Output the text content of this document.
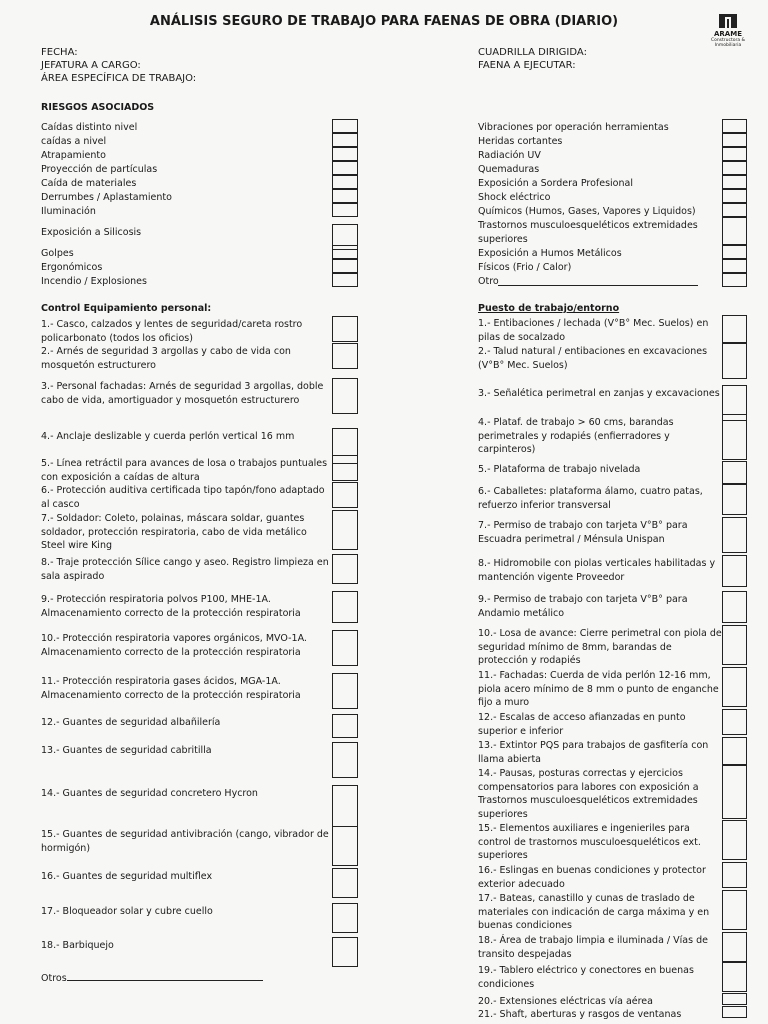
ANÁLISIS SEGURO DE TRABAJO PARA FAENAS DE OBRA (DIARIO)
ARAME
Constructora & Inmobiliaria
FECHA:
JEFATURA A CARGO:
ÁREA ESPECÍFICA DE TRABAJO:
CUADRILLA DIRIGIDA:
FAENA A EJECUTAR:
RIESGOS ASOCIADOS
Control Equipamiento personal:	Puesto de trabajo/entorno
Caídas distinto nivel
caídas a nivel
Atrapamiento
Proyección de partículas
Caída de materiales
Derrumbes / Aplastamiento
Iluminación
Exposición a Silicosis
Golpes
Ergonómicos
Incendio / Explosiones
Vibraciones por operación herramientas
Heridas cortantes
Radiación UV
Quemaduras
Exposición a Sordera Profesional
Shock eléctrico
Químicos (Humos, Gases, Vapores y Liquidos)
Trastornos musculoesqueléticos extremidades
superiores
Exposición a Humos Metálicos
Físicos (Frio / Calor)
Otro
1.- Casco, calzados y lentes de seguridad/careta rostro
policarbonato (todos los oficios)
2.- Arnés de seguridad 3 argollas y cabo de vida con
mosquetón estructurero
3.- Personal fachadas: Arnés de seguridad 3 argollas, doble
cabo de vida, amortiguador y mosquetón estructurero
4.- Anclaje deslizable y cuerda perlón vertical 16 mm
5.- Línea retráctil para avances de losa o trabajos puntuales
con exposición a caídas de altura
6.- Protección auditiva certificada tipo tapón/fono adaptado
al casco
7.- Soldador: Coleto, polainas, máscara soldar, guantes
soldador, protección respiratoria, cabo de vida metálico
Steel wire King
8.- Traje protección Sílice cango y aseo. Registro limpieza en
sala aspirado
9.- Protección respiratoria polvos P100, MHE-1A.
Almacenamiento correcto de la protección respiratoria
10.- Protección respiratoria vapores orgánicos, MVO-1A.
Almacenamiento correcto de la protección respiratoria
11.- Protección respiratoria gases ácidos, MGA-1A.
Almacenamiento correcto de la protección respiratoria
12.- Guantes de seguridad albañilería
13.- Guantes de seguridad cabritilla
14.- Guantes de seguridad concretero Hycron
15.- Guantes de seguridad antivibración (cango, vibrador de
hormigón)
16.- Guantes de seguridad multiflex
17.- Bloqueador solar y cubre cuello
18.- Barbiquejo
Otros
1.- Entibaciones / lechada (V°B° Mec. Suelos) en
pilas de socalzado
2.- Talud natural / entibaciones en excavaciones
(V°B° Mec. Suelos)
3.- Señalética perimetral en zanjas y excavaciones
4.- Plataf. de trabajo > 60 cms, barandas
perimetrales y rodapiés (enfierradores y
carpinteros)
5.- Plataforma de trabajo nivelada
6.- Caballetes: plataforma álamo, cuatro patas,
refuerzo inferior transversal
7.- Permiso de trabajo con tarjeta V°B° para
Escuadra perimetral / Ménsula Unispan
8.- Hidromobile con piolas verticales habilitadas y
mantención vigente Proveedor
9.- Permiso de trabajo con tarjeta V°B° para
Andamio metálico
10.- Losa de avance: Cierre perimetral con piola de
seguridad mínimo de 8mm, barandas de
protección y rodapiés
11.- Fachadas: Cuerda de vida perlón 12-16 mm,
piola acero mínimo de 8 mm o punto de enganche
fijo a muro
12.- Escalas de acceso afianzadas en punto
superior e inferior
13.- Extintor PQS para trabajos de gasfitería con
llama abierta
14.- Pausas, posturas correctas y ejercicios
compensatorios para labores con exposición a
Trastornos musculoesqueléticos extremidades
superiores
15.- Elementos auxiliares e ingenieriles para
control de trastornos musculoesqueléticos ext.
superiores
16.- Eslingas en buenas condiciones y protector
exterior adecuado
17.- Bateas, canastillo y cunas de traslado de
materiales con indicación de carga máxima y en
buenas condiciones
18.- Área de trabajo limpia e iluminada / Vías de
transito despejadas
19.- Tablero eléctrico y conectores en buenas
condiciones
20.- Extensiones eléctricas vía aérea
21.- Shaft, aberturas y rasgos de ventanas
